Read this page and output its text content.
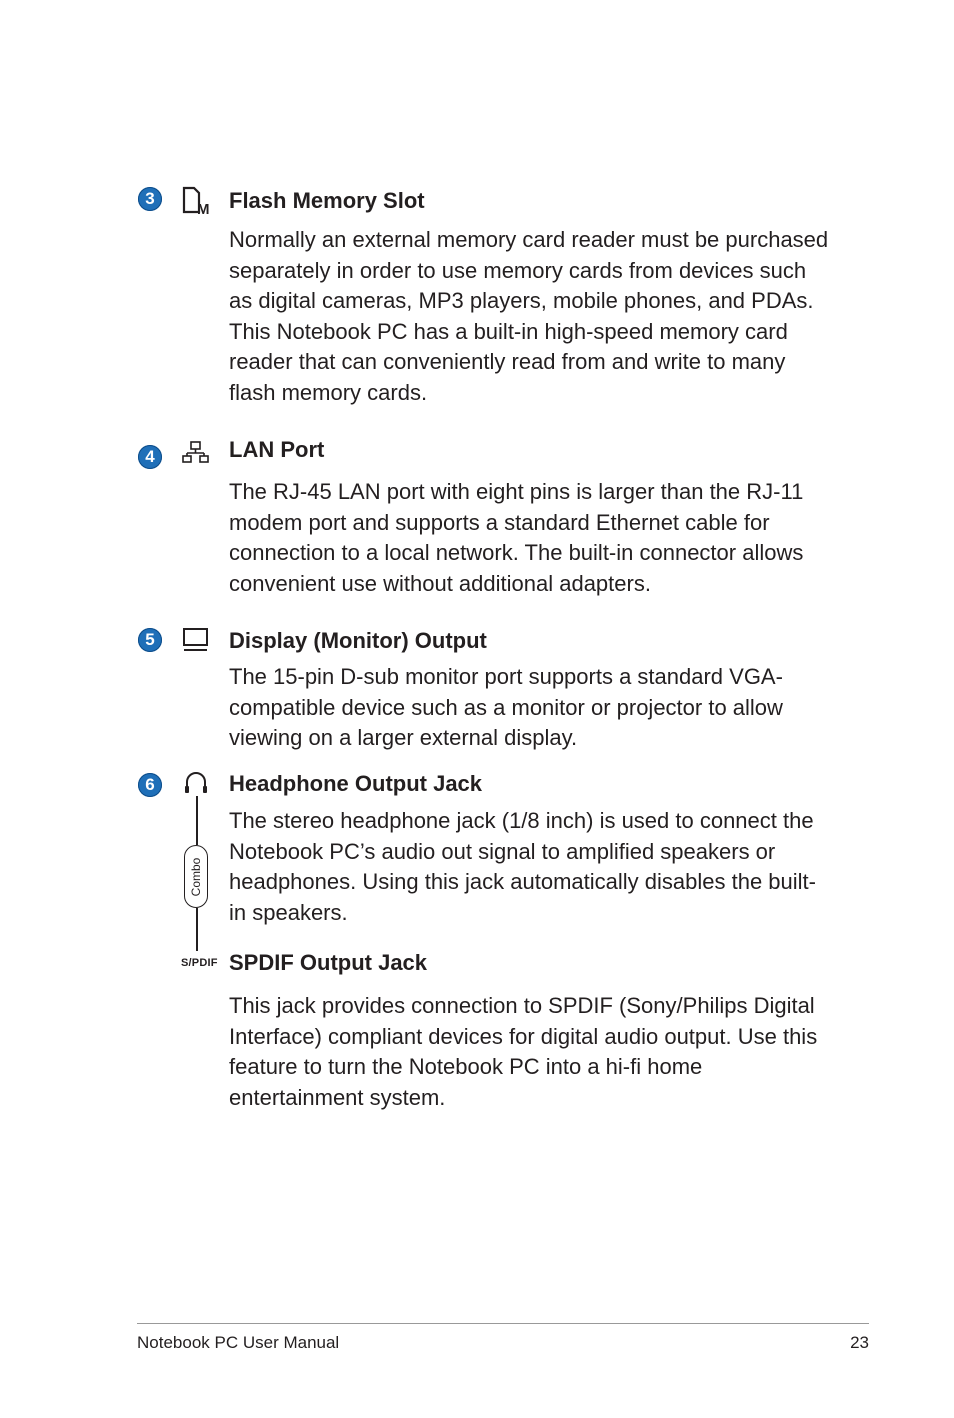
3
M Flash Memory Slot
Normally an external memory card reader must be purchased separately in order to use memory cards from devices such as digital cameras, MP3 players, mobile phones, and PDAs. This Notebook PC has a built-in high-speed memory card reader that can conveniently read from and write to many flash memory cards.
4	LAN Port
The RJ-45 LAN port with eight pins is larger than the RJ-11 modem port and supports a standard Ethernet cable for connection to a local network. The built-in connector allows convenient use without additional adapters.
5	Display (Monitor) Output
The 15-pin D-sub monitor port supports a standard VGA-compatible device such as a monitor or projector to allow viewing on a larger external display.
6
Combo
Headphone Output Jack
The stereo headphone jack (1/8 inch) is used to connect the Notebook PC’s audio out signal to amplified speakers or headphones. Using this jack automatically disables the built-in speakers.
S/PDIF SPDIF Output Jack
This jack provides connection to SPDIF (Sony/Philips Digital Interface) compliant devices for digital audio output. Use this feature to turn the Notebook PC into a hi-fi home entertainment system.
Notebook PC User Manual	23
